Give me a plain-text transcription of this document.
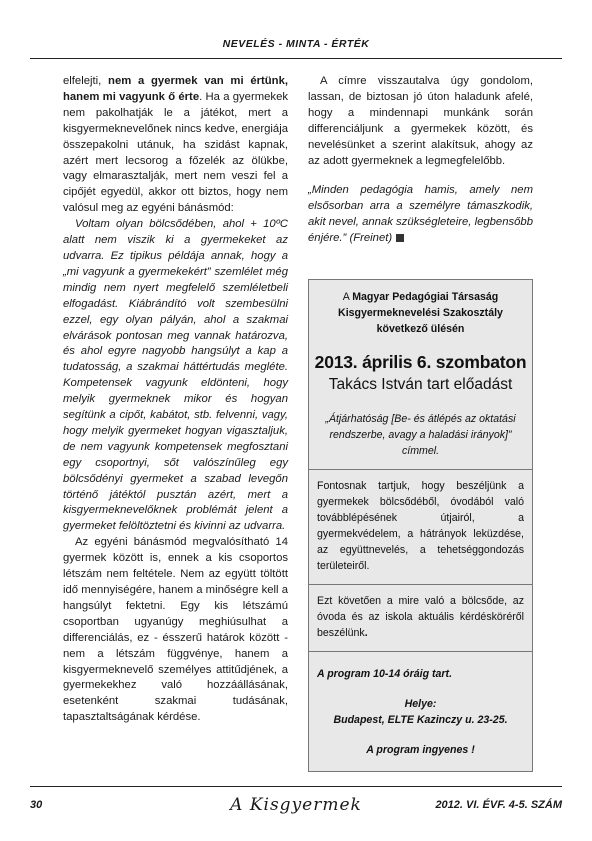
NEVELÉS - MINTA - ÉRTÉK

elfelejti, nem a gyermek van mi értünk, hanem mi vagyunk ő érte. Ha a gyermekek nem pakolhatják le a játékot, mert a kisgyermeknevelőnek nincs kedve, energiája összepakolni utánuk, ha szidást kapnak, azért mert lecsorog a főzelék az ölükbe, vagy elmarasztalják, mert nem veszi fel a cipőjét egyedül, akkor ott biztos, hogy nem valósul meg az egyéni bánásmód:

Voltam olyan bölcsődében, ahol + 10ºC alatt nem viszik ki a gyermekeket az udvarra. Ez tipikus példája annak, hogy a „mi vagyunk a gyermekekért” szemlélet még mindig nem nyert megfelelő szemléletbeli elfogadást. Kiábrándító volt szembesülni ezzel, egy olyan pályán, ahol a szakmai elvárások pontosan meg vannak határozva, és ahol egyre nagyobb hangsúlyt a kap a tudatosság, a szakmai háttértudás megléte. Kompetensek vagyunk eldönteni, hogy melyik gyermeknek mikor és hogyan segítünk a cipőt, kabátot, stb. felvenni, vagy, hogy melyik gyermeket hogyan vigasztaljuk, de nem vagyunk kompetensek megfosztani egy csoportnyi, sőt valószínűleg egy bölcsődényi gyermeket a szabad levegőn történő játéktól pusztán azért, mert a kisgyermeknevelőknek problémát jelent a gyermeket felöltöztetni és kivinni az udvarra.

Az egyéni bánásmód megvalósítható 14 gyermek között is, ennek a kis csoportos létszám nem feltétele. Nem az együtt töltött idő mennyiségére, hanem a minőségre kell a hangsúlyt fektetni. Egy kis létszámú csoportban ugyanúgy meghiúsulhat a differenciálás, ez - ésszerű határok között - nem a létszám függvénye, hanem a kisgyermeknevelő személyes attitűdjének, a gyermekekhez való hozzáállásának, esetenként szakmai tudásának, tapasztaltságának kérdése.

A címre visszautalva úgy gondolom, lassan, de biztosan jó úton haladunk afelé, hogy a mindennapi munkánk során differenciáljunk a gyermekek között, és nevelésünket a szerint alakítsuk, ahogy az az adott gyermeknek a legmegfelelőbb.

„Minden pedagógia hamis, amely nem elsősorban arra a személyre támaszkodik, akit nevel, annak szükségleteire, legbensőbb énjére.” (Freinet)

A Magyar Pedagógiai Társaság Kisgyermeknevelési Szakosztály következő ülésén
2013. április 6. szombaton
Takács István tart előadást
„Átjárhatóság [Be- és átlépés az oktatási rendszerbe, avagy a haladási irányok]” címmel.
Fontosnak tartjuk, hogy beszéljünk a gyermekek bölcsődéből, óvodából való továbblépésének útjairól, a gyermekvédelem, a hátrányok leküzdése, az együttnevelés, a tehetséggondozás területeiről.
Ezt követően a mire való a bölcsőde, az óvoda és az iskola aktuális kérdésköréről beszélünk.
A program 10-14 óráig tart.
Helye:
Budapest, ELTE Kazinczy u. 23-25.
A program ingyenes !
30	A Kisgyermek	2012. VI. ÉVF. 4-5. SZÁM
